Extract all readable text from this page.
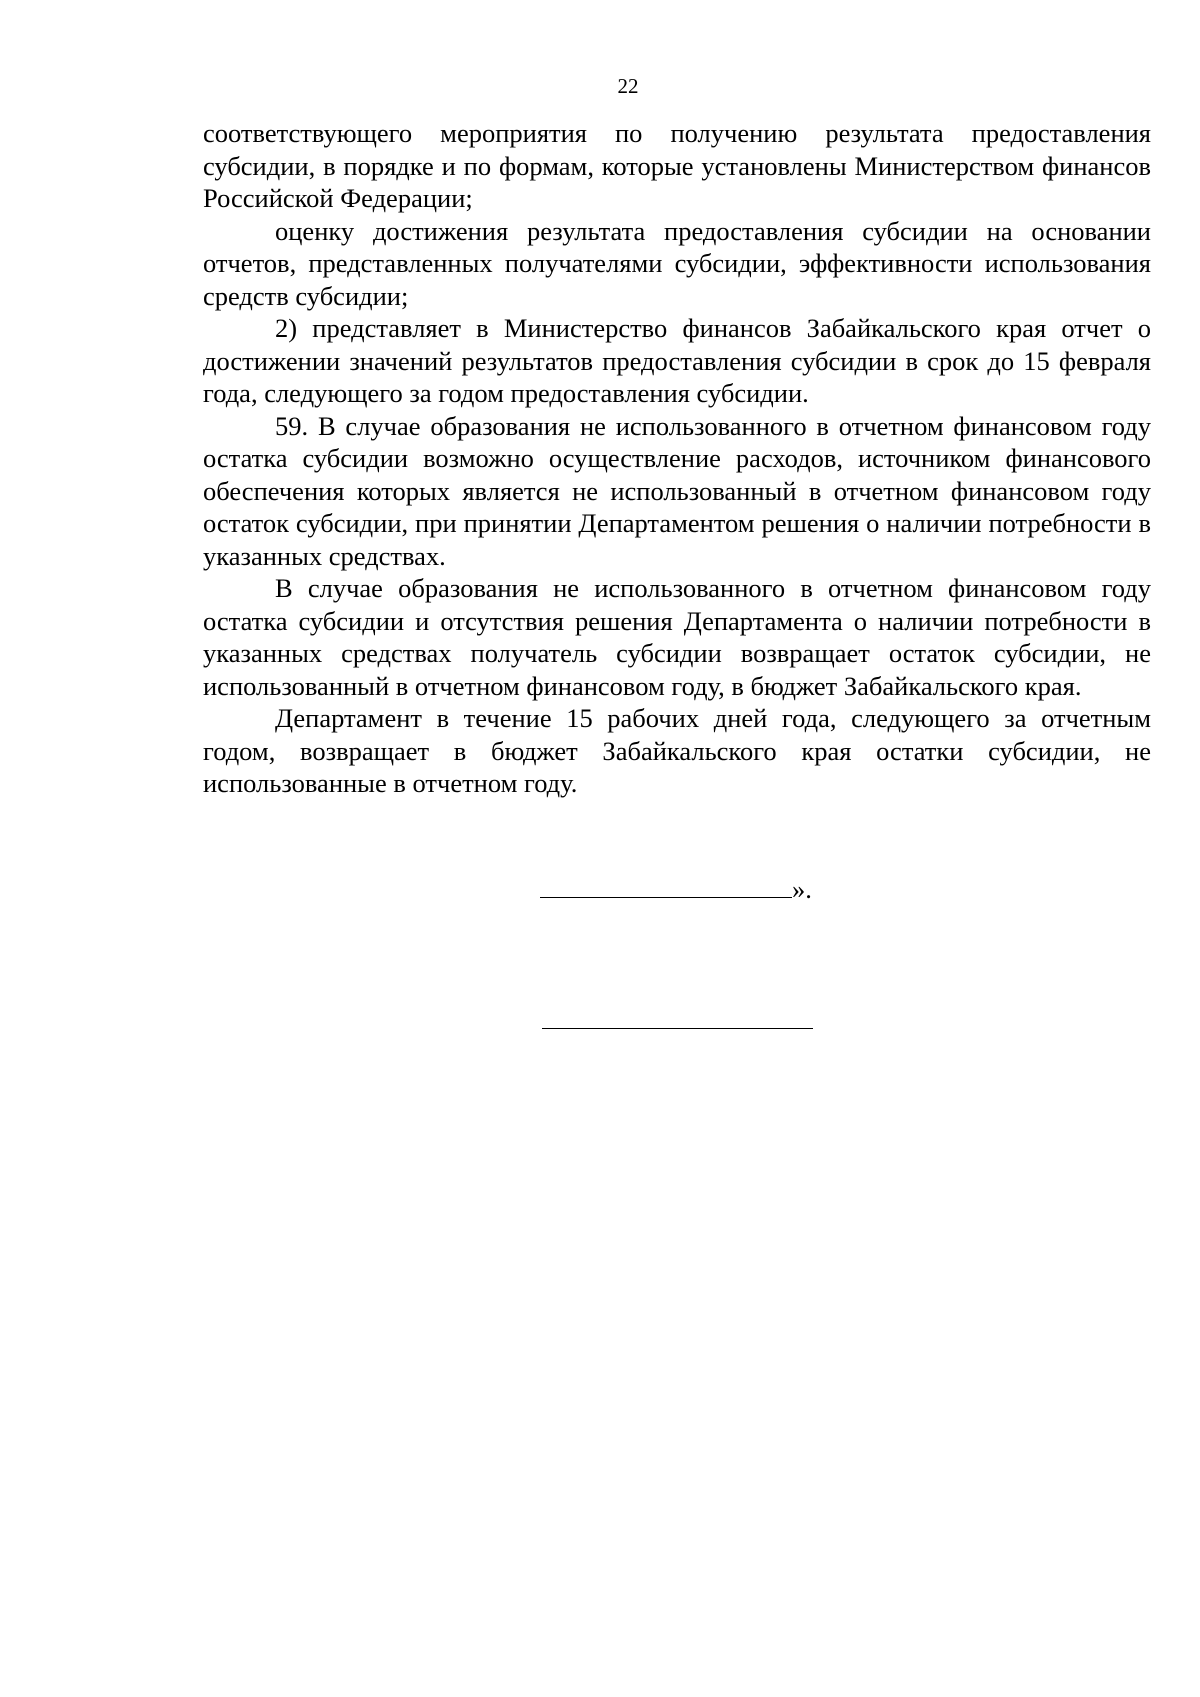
22

соответствующего мероприятия по получению результата предоставления субсидии, в порядке и по формам, которые установлены Министерством финансов Российской Федерации;

оценку достижения результата предоставления субсидии на основании отчетов, представленных получателями субсидии, эффективности использования средств субсидии;

2) представляет в Министерство финансов Забайкальского края отчет о достижении значений результатов предоставления субсидии в срок до 15 февраля года, следующего за годом предоставления субсидии.

59. В случае образования не использованного в отчетном финансовом году остатка субсидии возможно осуществление расходов, источником финансового обеспечения которых является не использованный в отчетном финансовом году остаток субсидии, при принятии Департаментом решения о наличии потребности в указанных средствах.

В случае образования не использованного в отчетном финансовом году остатка субсидии и отсутствия решения Департамента о наличии потребности в указанных средствах получатель субсидии возвращает остаток субсидии, не использованный в отчетном финансовом году, в бюджет Забайкальского края.

Департамент в течение 15 рабочих дней года, следующего за отчетным годом, возвращает в бюджет Забайкальского края остатки субсидии, не использованные в отчетном году.

».
